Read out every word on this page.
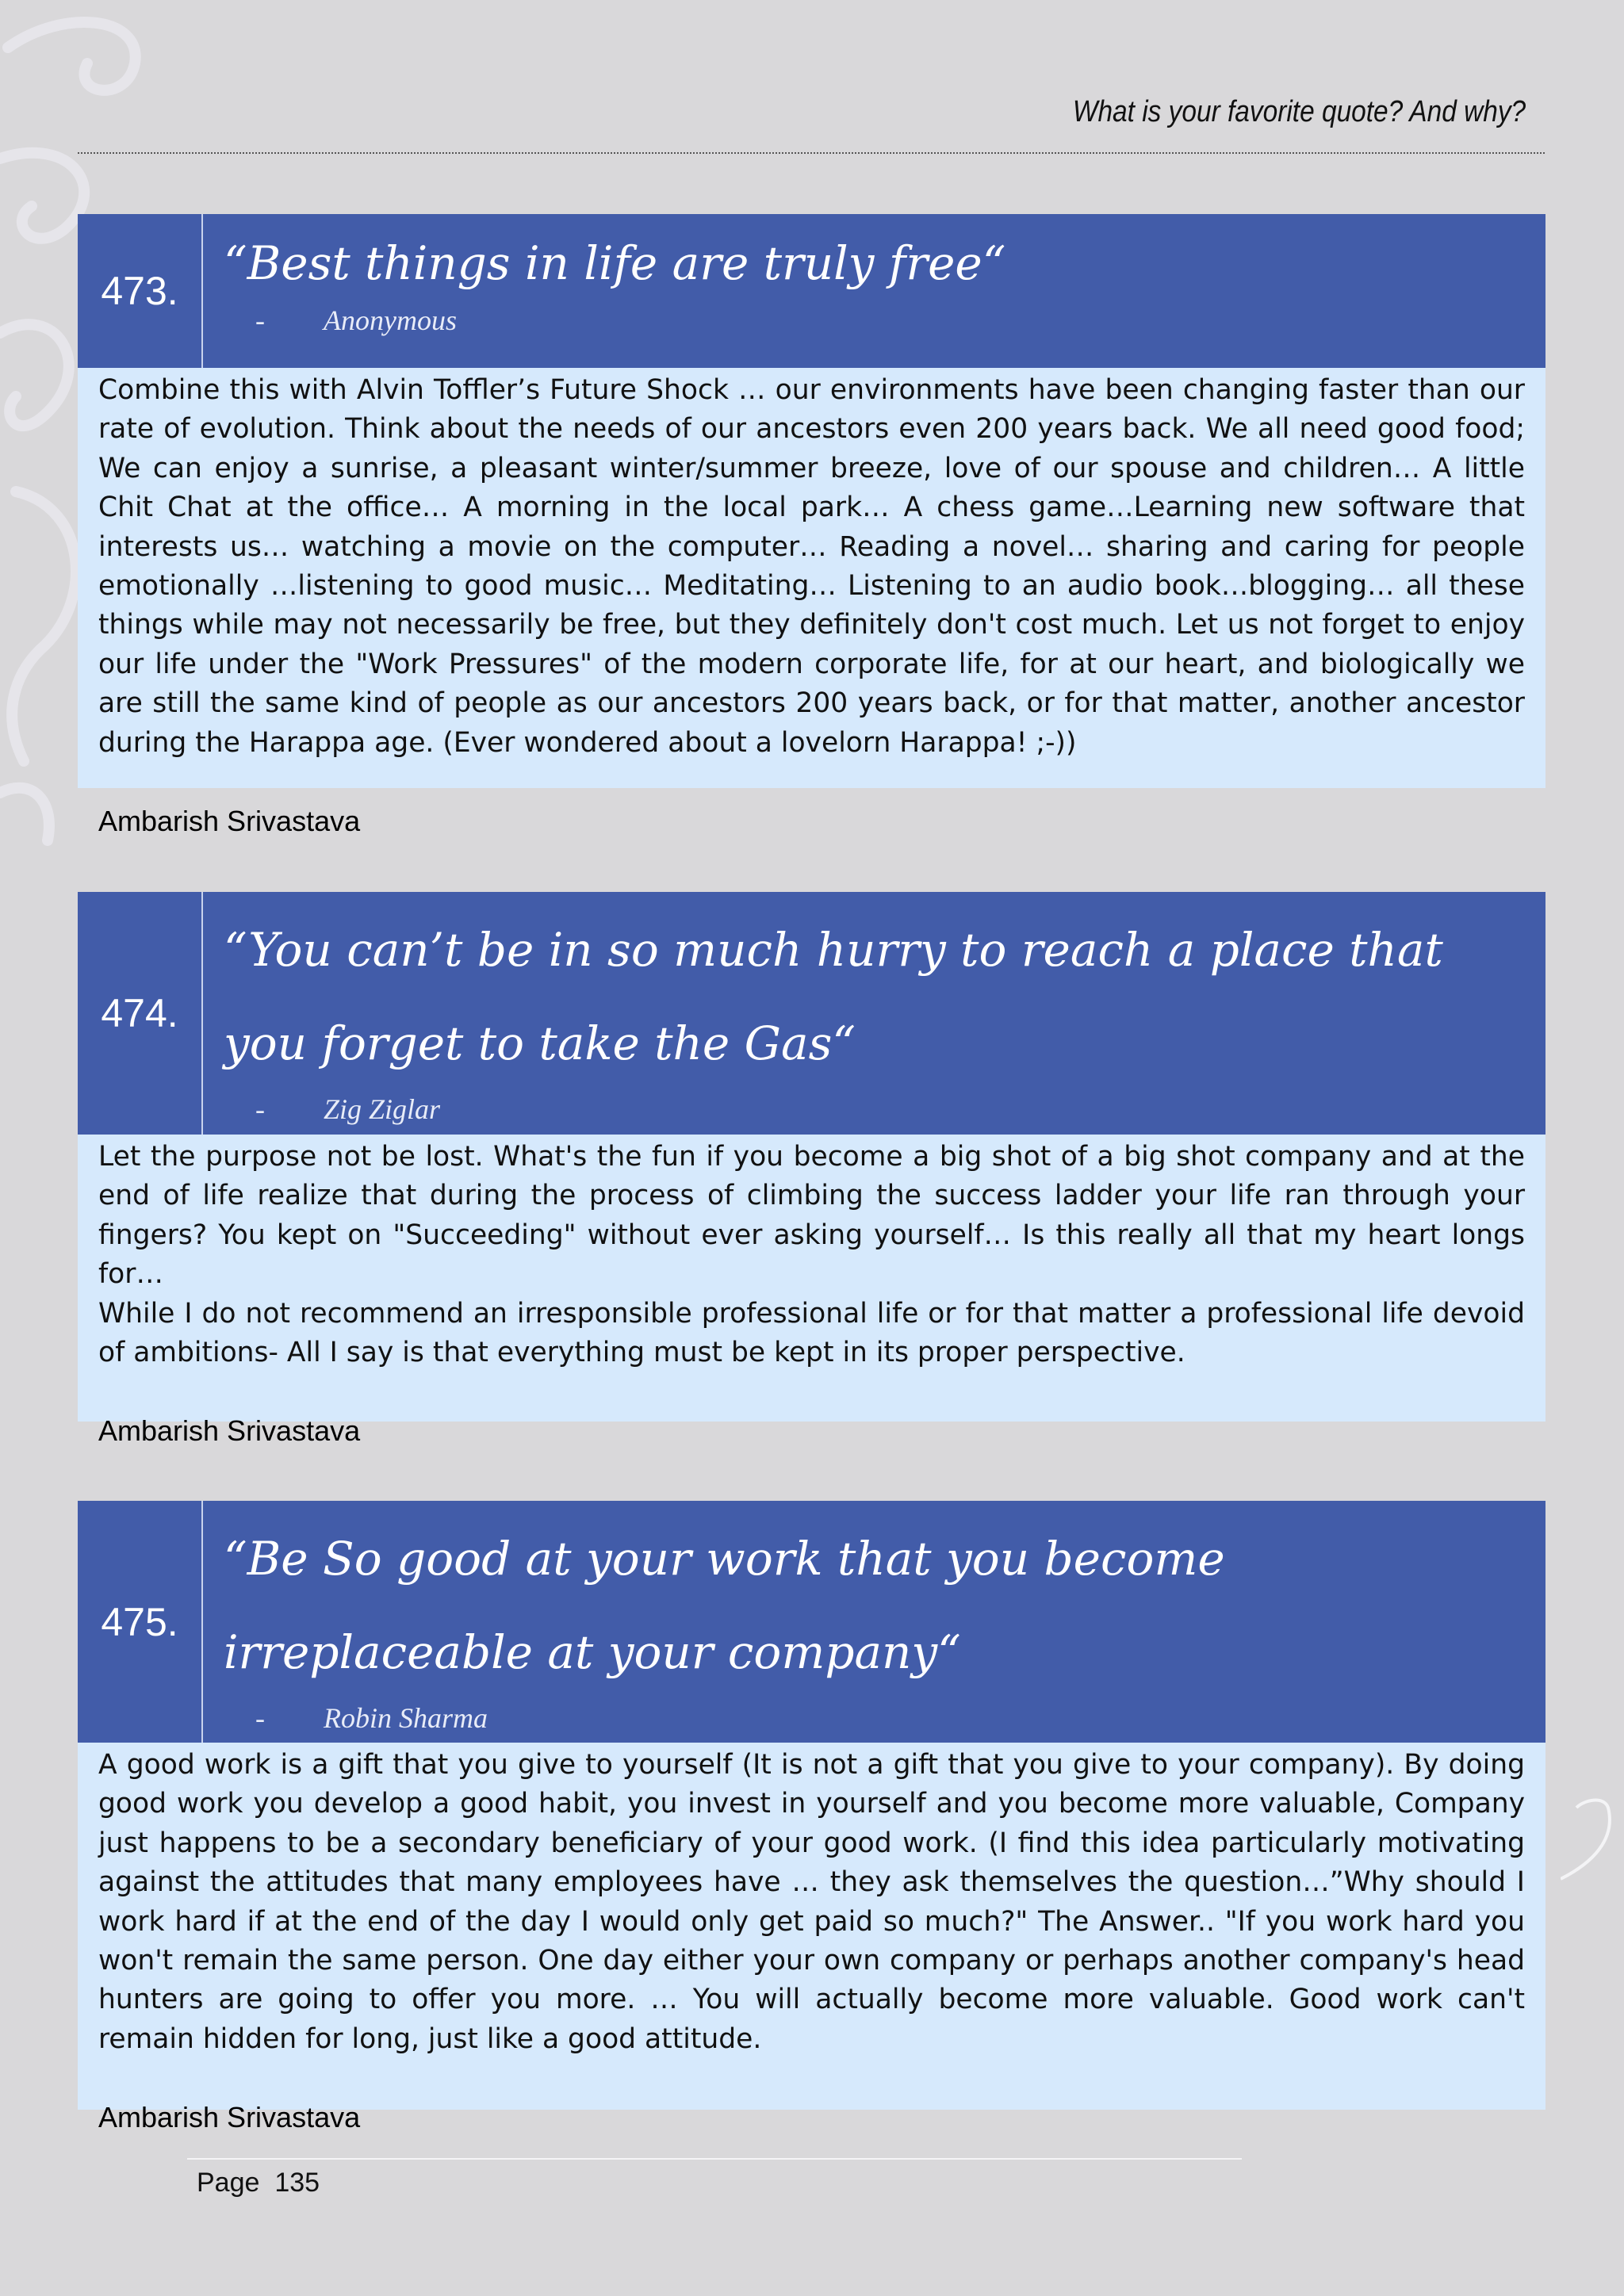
What is your favorite quote? And why?
473.

“Best things in life are truly free“

- Anonymous

Combine this with Alvin Toffler’s Future Shock … our environments have been changing faster than our rate of evolution. Think about the needs of our ancestors even 200 years back. We all need good food; We can enjoy a sunrise, a pleasant winter/summer breeze, love of our spouse and children… A little Chit Chat at the office… A morning in the local park… A chess game…Learning new software that interests us… watching a movie on the computer… Reading a novel… sharing and caring for people emotionally …listening to good music… Meditating… Listening to an audio book…blogging… all these things while may not necessarily be free, but they definitely don't cost much. Let us not forget to enjoy our life under the "Work Pressures" of the modern corporate life, for at our heart, and biologically we are still the same kind of people as our ancestors 200 years back, or for that matter, another ancestor during the Harappa age. (Ever wondered about a lovelorn Harappa! ;-))

Ambarish Srivastava
474.

“You can’t be in so much hurry to reach a place that you forget to take the Gas“

- Zig Ziglar

Let the purpose not be lost. What's the fun if you become a big shot of a big shot company and at the end of life realize that during the process of climbing the success ladder your life ran through your fingers? You kept on "Succeeding" without ever asking yourself… Is this really all that my heart longs for…

While I do not recommend an irresponsible professional life or for that matter a professional life devoid of ambitions- All I say is that everything must be kept in its proper perspective.

Ambarish Srivastava
475.

“Be So good at your work that you become irreplaceable at your company“

- Robin Sharma

A good work is a gift that you give to yourself (It is not a gift that you give to your company). By doing good work you develop a good habit, you invest in yourself and you become more valuable, Company just happens to be a secondary beneficiary of your good work. (I find this idea particularly motivating against the attitudes that many employees have … they ask themselves the question…”Why should I work hard if at the end of the day I would only get paid so much?" The Answer.. "If you work hard you won't remain the same person. One day either your own company or perhaps another company's head hunters are going to offer you more. … You will actually become more valuable. Good work can't remain hidden for long, just like a good attitude.

Ambarish Srivastava
Page 135
